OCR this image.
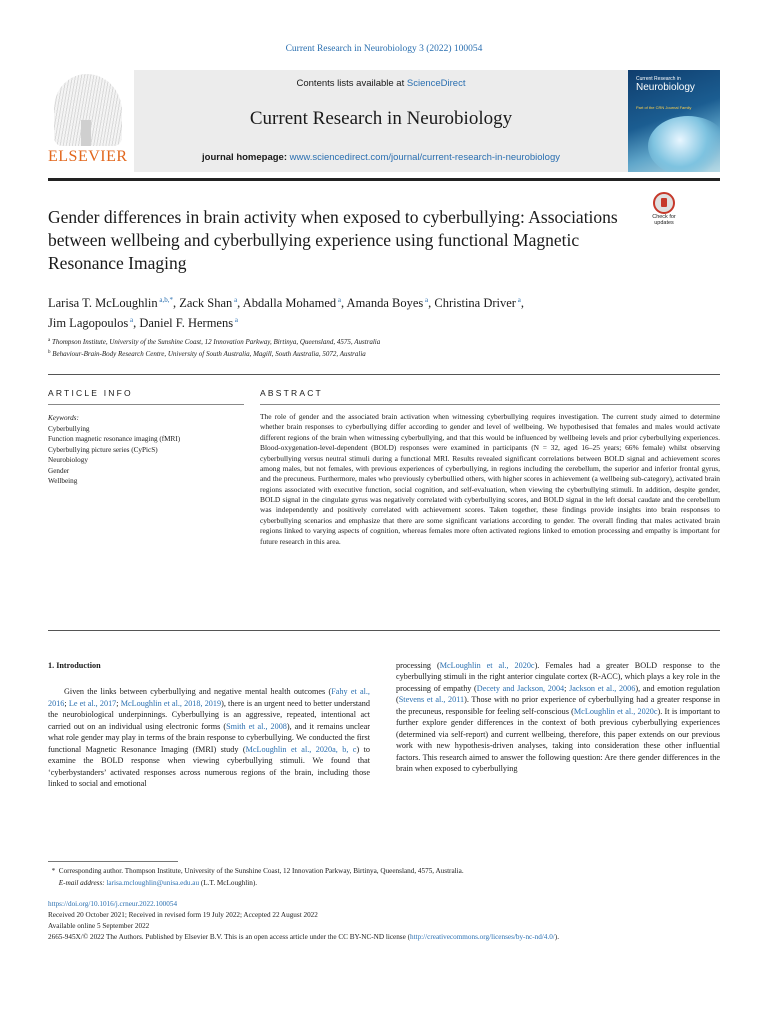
Current Research in Neurobiology 3 (2022) 100054
ELSEVIER
Contents lists available at ScienceDirect
Current Research in Neurobiology
journal homepage: www.sciencedirect.com/journal/current-research-in-neurobiology
Current Research in
Neurobiology
Part of the CRN Journal Family
Gender differences in brain activity when exposed to cyberbullying: Associations between wellbeing and cyberbullying experience using functional Magnetic Resonance Imaging
Check for updates
Larisa T. McLoughlin $^{a,b,*}$, Zack Shan $^a$, Abdalla Mohamed $^a$, Amanda Boyes $^a$, Christina Driver $^a$,
Jim Lagopoulos $^a$, Daniel F. Hermens $^a$
$^a$ Thompson Institute, University of the Sunshine Coast, 12 Innovation Parkway, Birtinya, Queensland, 4575, Australia
$^b$ Behaviour-Brain-Body Research Centre, University of South Australia, Magill, South Australia, 5072, Australia
ARTICLE INFO	ABSTRACT
Keywords:
Cyberbullying
Function magnetic resonance imaging (fMRI)
Cyberbullying picture series (CyPicS)
Neurobiology
Gender
Wellbeing
The role of gender and the associated brain activation when witnessing cyberbullying requires investigation. The current study aimed to determine whether brain responses to cyberbullying differ according to gender and level of wellbeing. We hypothesised that females and males would activate different regions of the brain when witnessing cyberbullying, and that this would be influenced by wellbeing levels and prior cyberbullying experiences. Blood-oxygenation-level-dependent (BOLD) responses were examined in participants (N = 32, aged 16–25 years; 66% female) whilst observing cyberbullying versus neutral stimuli during a functional MRI. Results revealed significant correlations between BOLD signal and achievement scores among males, but not females, with previous experiences of cyberbullying, in regions including the cerebellum, the superior and inferior frontal gyrus, and the precuneus. Furthermore, males who previously cyberbullied others, with higher scores in achievement (a wellbeing sub-category), activated brain regions associated with executive function, social cognition, and self-evaluation, when viewing the cyberbullying stimuli. In addition, despite gender, BOLD signal in the cingulate gyrus was negatively correlated with cyberbullying scores, and BOLD signal in the left dorsal caudate and the cerebellum was independently and positively correlated with achievement scores. Taken together, these findings provide insights into brain responses to cyberbullying scenarios and emphasize that there are some significant variations according to gender. The overall finding that males activated brain regions linked to varying aspects of cognition, whereas females more often activated regions linked to emotion processing and empathy is important for future research in this area.
1. Introduction

Given the links between cyberbullying and negative mental health outcomes (Fahy et al., 2016; Le et al., 2017; McLoughlin et al., 2018, 2019), there is an urgent need to better understand the neurobiological underpinnings. Cyberbullying is an aggressive, repeated, intentional act carried out on an individual using electronic forms (Smith et al., 2008), and it remains unclear what role gender may play in terms of the brain response to cyberbullying. We conducted the first functional Magnetic Resonance Imaging (fMRI) study (McLoughlin et al., 2020a, b, c) to examine the BOLD response when viewing cyberbullying stimuli. We found that ‘cyberbystanders’ activated responses across numerous regions of the brain, including those linked to social and emotional

processing (McLoughlin et al., 2020c). Females had a greater BOLD response to the cyberbullying stimuli in the right anterior cingulate cortex (R-ACC), which plays a key role in the processing of empathy (Decety and Jackson, 2004; Jackson et al., 2006), and emotion regulation (Stevens et al., 2011). Those with no prior experience of cyberbullying had a greater response in the precuneus, responsible for feeling self-conscious (McLoughlin et al., 2020c). It is important to further explore gender differences in the context of both previous cyberbullying experiences (determined via self-report) and current wellbeing, therefore, this paper extends on our previous work with new hypothesis-driven analyses, taking into consideration these other influential factors. This research aimed to answer the following question: Are there gender differences in the brain when exposed to cyberbullying

*  Corresponding author. Thompson Institute, University of the Sunshine Coast, 12 Innovation Parkway, Birtinya, Queensland, 4575, Australia.
E-mail address: larisa.mcloughlin@unisa.edu.au (L.T. McLoughlin).
https://doi.org/10.1016/j.crneur.2022.100054
Received 20 October 2021; Received in revised form 19 July 2022; Accepted 22 August 2022
Available online 5 September 2022
2665-945X/© 2022 The Authors. Published by Elsevier B.V. This is an open access article under the CC BY-NC-ND license (http://creativecommons.org/licenses/by-nc-nd/4.0/).
